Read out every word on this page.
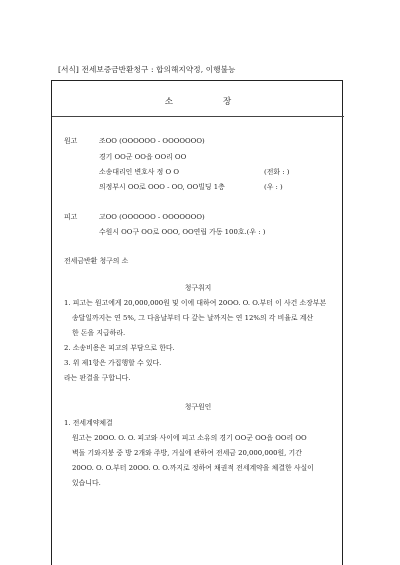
[서식] 전세보증금반환청구 : 합의해지약정, 이행불능
소장
원고	조OO (OOOOOO - OOOOOOO)
경기 OO군 OO읍 OO리 OO
소송대리인 변호사 정 O O	(전화 : )
의정부시 OO로 OOO - OO, OO빌딩 1층	(우 : )
피고	고OO (OOOOOO - OOOOOOO)
수원시 OO구 OO로 OOO, OO연립 가동 100호.(우 : )
전세금반환 청구의 소
청구취지
1. 피고는 원고에게 20,000,000원 및 이에 대하여 20OO. O. O.부터 이 사건 소장부본
송달일까지는 연 5%, 그 다음날부터 다 갚는 날까지는 연 12%의 각 비율로 계산
한 돈을 지급하라.
2. 소송비용은 피고의 부담으로 한다.
3. 위 제1항은 가집행할 수 있다.
라는 판결을 구합니다.
청구원인
1. 전세계약체결
원고는 20OO. O. O. 피고와 사이에 피고 소유의 경기 OO군 OO읍 OO리 OO
벽돌 기와지붕 중 방 2개와 주방, 거실에 관하여 전세금 20,000,000원, 기간
20OO. O. O.부터 20OO. O. O.까지로 정하여 채권적 전세계약을 체결한 사실이
있습니다.
